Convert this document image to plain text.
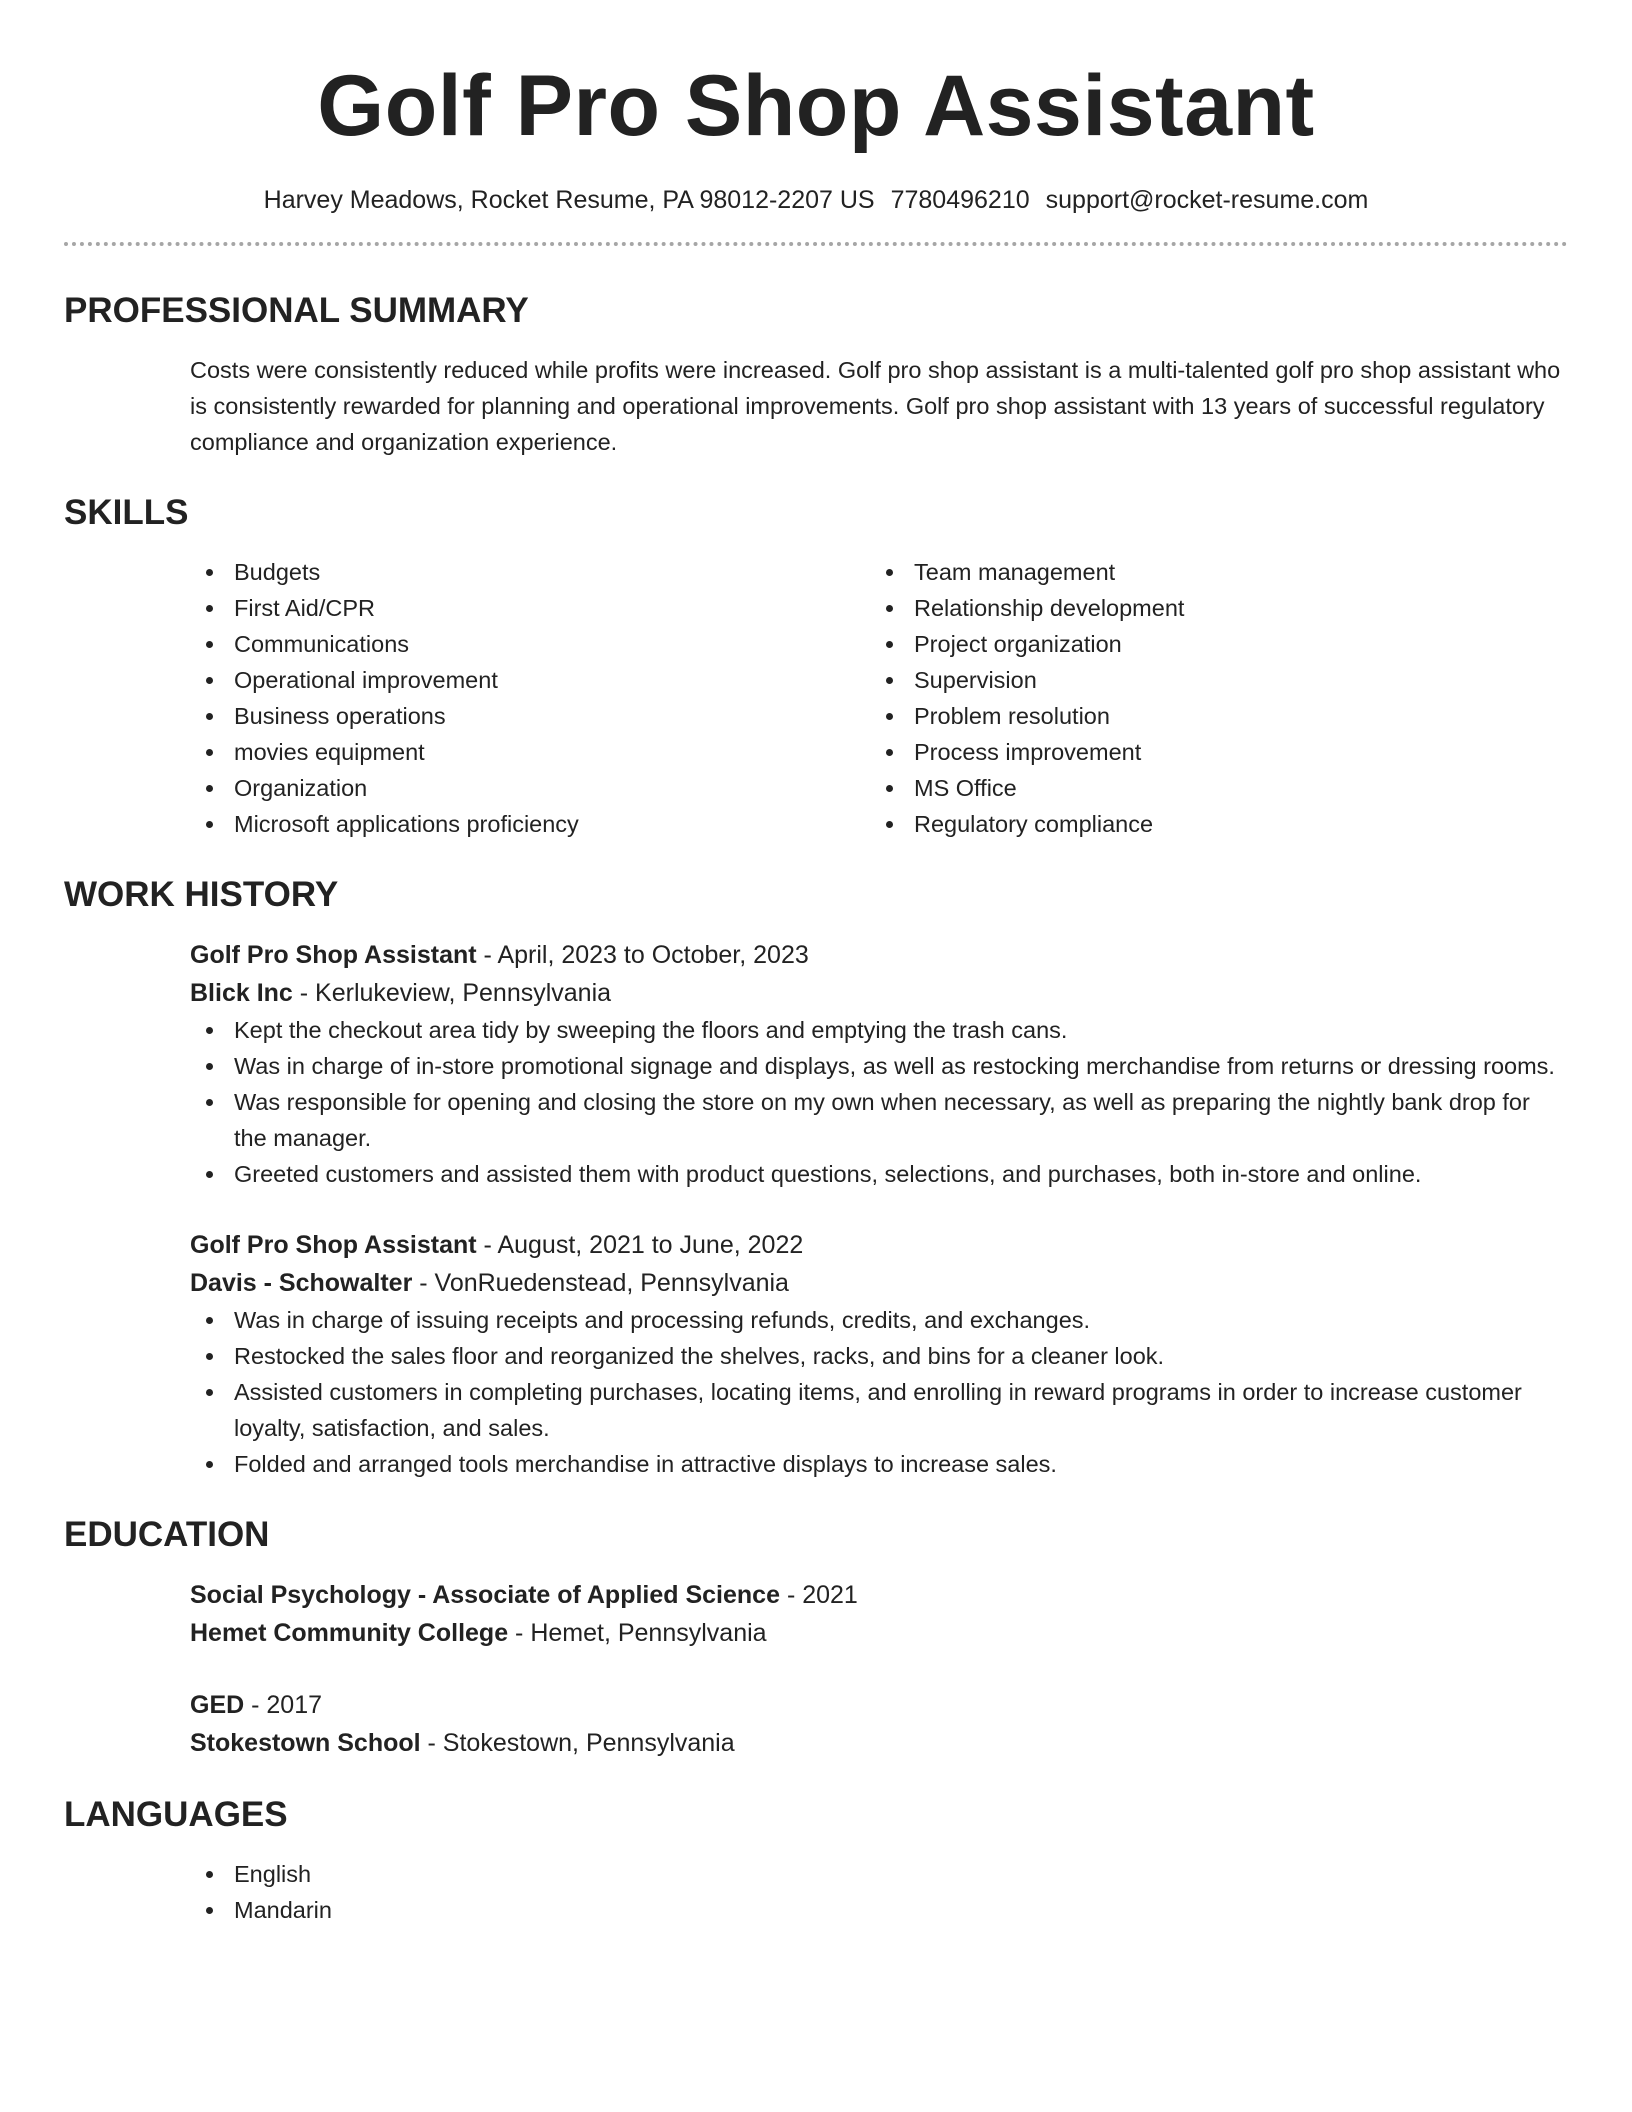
Golf Pro Shop Assistant
Harvey Meadows, Rocket Resume, PA 98012-2207 US 7780496210 support@rocket-resume.com
PROFESSIONAL SUMMARY

Costs were consistently reduced while profits were increased. Golf pro shop assistant is a multi-talented golf pro shop assistant who is consistently rewarded for planning and operational improvements. Golf pro shop assistant with 13 years of successful regulatory compliance and organization experience.

SKILLS
Budgets
First Aid/CPR
Communications
Operational improvement
Business operations
movies equipment
Organization
Microsoft applications proficiency
Team management
Relationship development
Project organization
Supervision
Problem resolution
Process improvement
MS Office
Regulatory compliance
WORK HISTORY
Golf Pro Shop Assistant - April, 2023 to October, 2023
Blick Inc - Kerlukeview, Pennsylvania
Kept the checkout area tidy by sweeping the floors and emptying the trash cans.
Was in charge of in-store promotional signage and displays, as well as restocking merchandise from returns or dressing rooms.
Was responsible for opening and closing the store on my own when necessary, as well as preparing the nightly bank drop for the manager.
Greeted customers and assisted them with product questions, selections, and purchases, both in-store and online.
Golf Pro Shop Assistant - August, 2021 to June, 2022
Davis - Schowalter - VonRuedenstead, Pennsylvania
Was in charge of issuing receipts and processing refunds, credits, and exchanges.
Restocked the sales floor and reorganized the shelves, racks, and bins for a cleaner look.
Assisted customers in completing purchases, locating items, and enrolling in reward programs in order to increase customer loyalty, satisfaction, and sales.
Folded and arranged tools merchandise in attractive displays to increase sales.
EDUCATION
Social Psychology - Associate of Applied Science - 2021
Hemet Community College - Hemet, Pennsylvania
GED - 2017
Stokestown School - Stokestown, Pennsylvania
LANGUAGES
English
Mandarin
